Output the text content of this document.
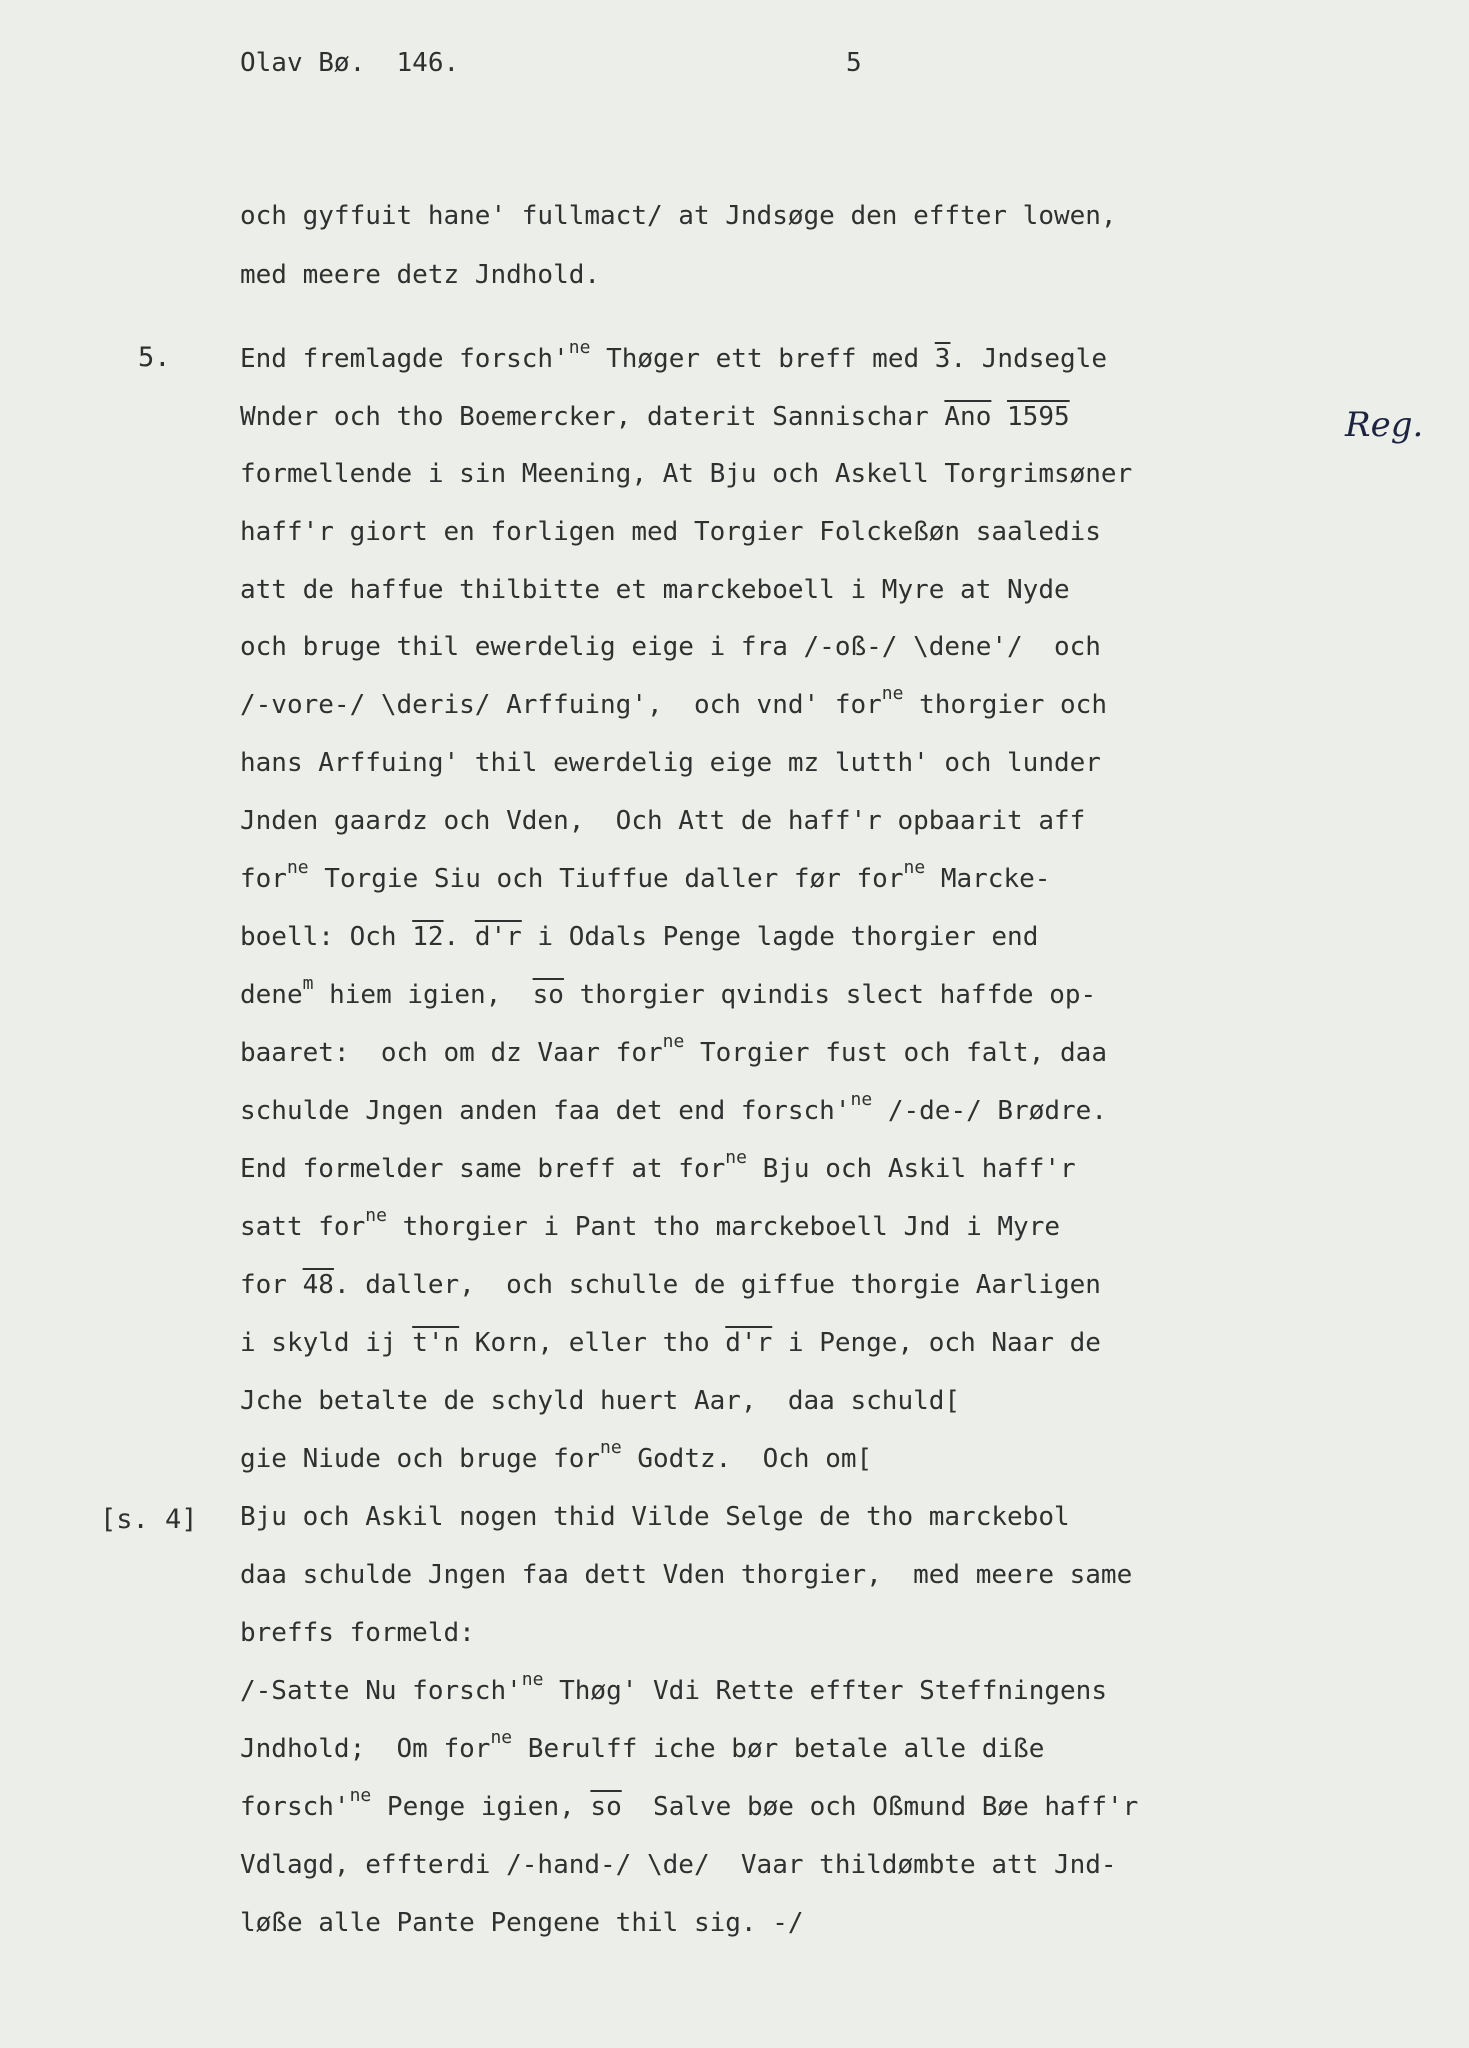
Olav Bø.  146.	5
5.
[s. 4]
Reg.
och gyffuit hane' fullmact/ at Jndsøge den effter lowen,
med meere detz Jndhold.
End fremlagde $forsch'^{ne}$ Thøger ett breff med 3. Jndsegle
Wnder och tho Boemercker, daterit Sannischar $\overline{Ano}$ 1595
formellende i sin Meening, At Bju och Askell Torgrimsøner
haff'r giort en forligen med Torgier Folckeßøn saaledis
att de haffue thilbitte et marckeboell i Myre at Nyde
och bruge thil ewerdelig eige i fra /-oß-/ \dene'/  och
/-vore-/ \deris/ Arffuing',  och vnd' for$^{ne}$ thorgier och
hans Arffuing' thil ewerdelig eige mz lutth' och lunder
Jnden gaardz och Vden,  Och Att de haff'r opbaarit aff
for$^{ne}$ Torgie Siu och Tiuffue daller før for$^{ne}$ Marcke-
boell: Och 12. d'r i Odals Penge lagde thorgier end
dene$^m$ hiem igien,  $\overline{so}$ thorgier qvindis slect haffde op-
baaret:  och om dz Vaar for$^{ne}$ Torgier fust och falt, daa
schulde Jngen anden faa det end $forsch'^{ne}$ /-de-/ Brødre.
End formelder same breff at for$^{ne}$ Bju och Askil haff'r
satt for$^{ne}$ thorgier i Pant tho marckeboell Jnd i Myre
for 48. daller,  och schulle de giffue thorgie Aarligen
i skyld ij t'n Korn, eller tho d'r i Penge, och Naar de
Jche betalte de schyld huert Aar,  daa schuld[
gie Niude och bruge for$^{ne}$ Godtz.  Och om[
Bju och Askil nogen thid Vilde Selge de tho marckebol
daa schulde Jngen faa dett Vden thorgier,  med meere same
breffs formeld:
/-Satte Nu $forsch'^{ne}$ Thøg' Vdi Rette effter Steffningens
Jndhold;  Om for$^{ne}$ Berulff iche bør betale alle diße
$forsch'^{ne}$ Penge igien, $\overline{so}$  Salve bøe och Oßmund Bøe haff'r
Vdlagd, effterdi /-hand-/ \de/  Vaar thildømbte att Jnd-
løße alle Pante Pengene thil sig. -/
